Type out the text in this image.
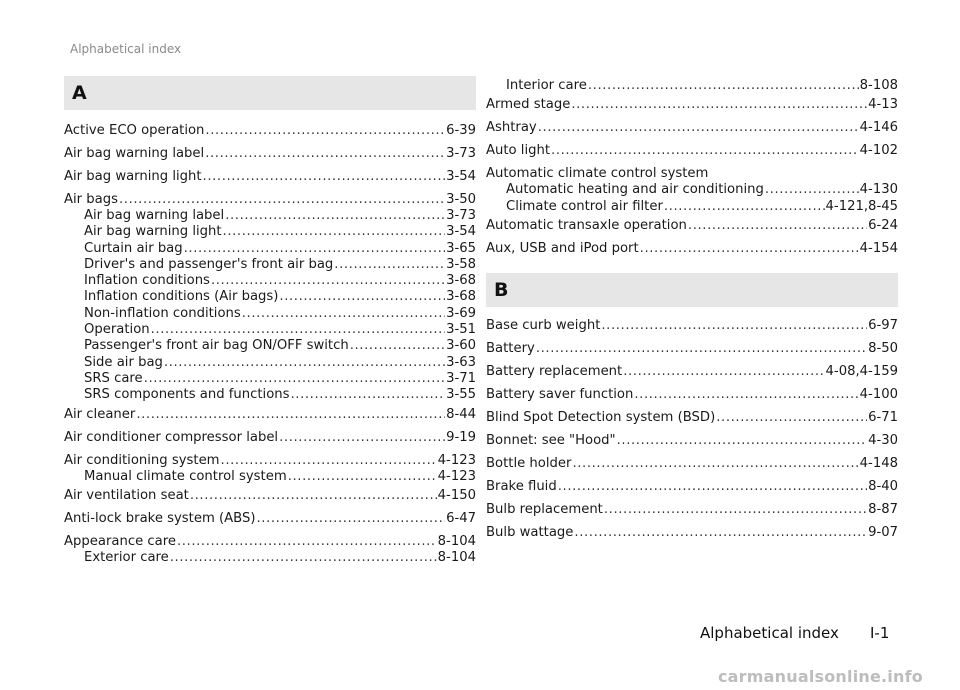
Alphabetical index
A
Active ECO operation .....	6-39
Air bag warning label .....	3-73
Air bag warning light .....	3-54
Air bags .....	3-50
Air bag warning label .....	3-73
Air bag warning light .....	3-54
Curtain air bag .....	3-65
Driver's and passenger's front air bag .....	3-58
Inflation conditions .....	3-68
Inflation conditions (Air bags) .....	3-68
Non-inflation conditions .....	3-69
Operation .....	3-51
Passenger's front air bag ON/OFF switch .....	3-60
Side air bag .....	3-63
SRS care .....	3-71
SRS components and functions .....	3-55
Air cleaner .....	8-44
Air conditioner compressor label .....	9-19
Air conditioning system .....	4-123
Manual climate control system .....	4-123
Air ventilation seat .....	4-150
Anti-lock brake system (ABS) .....	6-47
Appearance care .....	8-104
Exterior care .....	8-104
Interior care .....	8-108
Armed stage .....	4-13
Ashtray .....	4-146
Auto light .....	4-102
Automatic climate control system
Automatic heating and air conditioning .....	4-130
Climate control air filter .....	4-121,8-45
Automatic transaxle operation .....	6-24
Aux, USB and iPod port .....	4-154
B
Base curb weight .....	6-97
Battery .....	8-50
Battery replacement .....	4-08,4-159
Battery saver function .....	4-100
Blind Spot Detection system (BSD) .....	6-71
Bonnet: see "Hood" .....	4-30
Bottle holder .....	4-148
Brake fluid .....	8-40
Bulb replacement .....	8-87
Bulb wattage .....	9-07
Alphabetical index I-1
carmanualsonline.info
